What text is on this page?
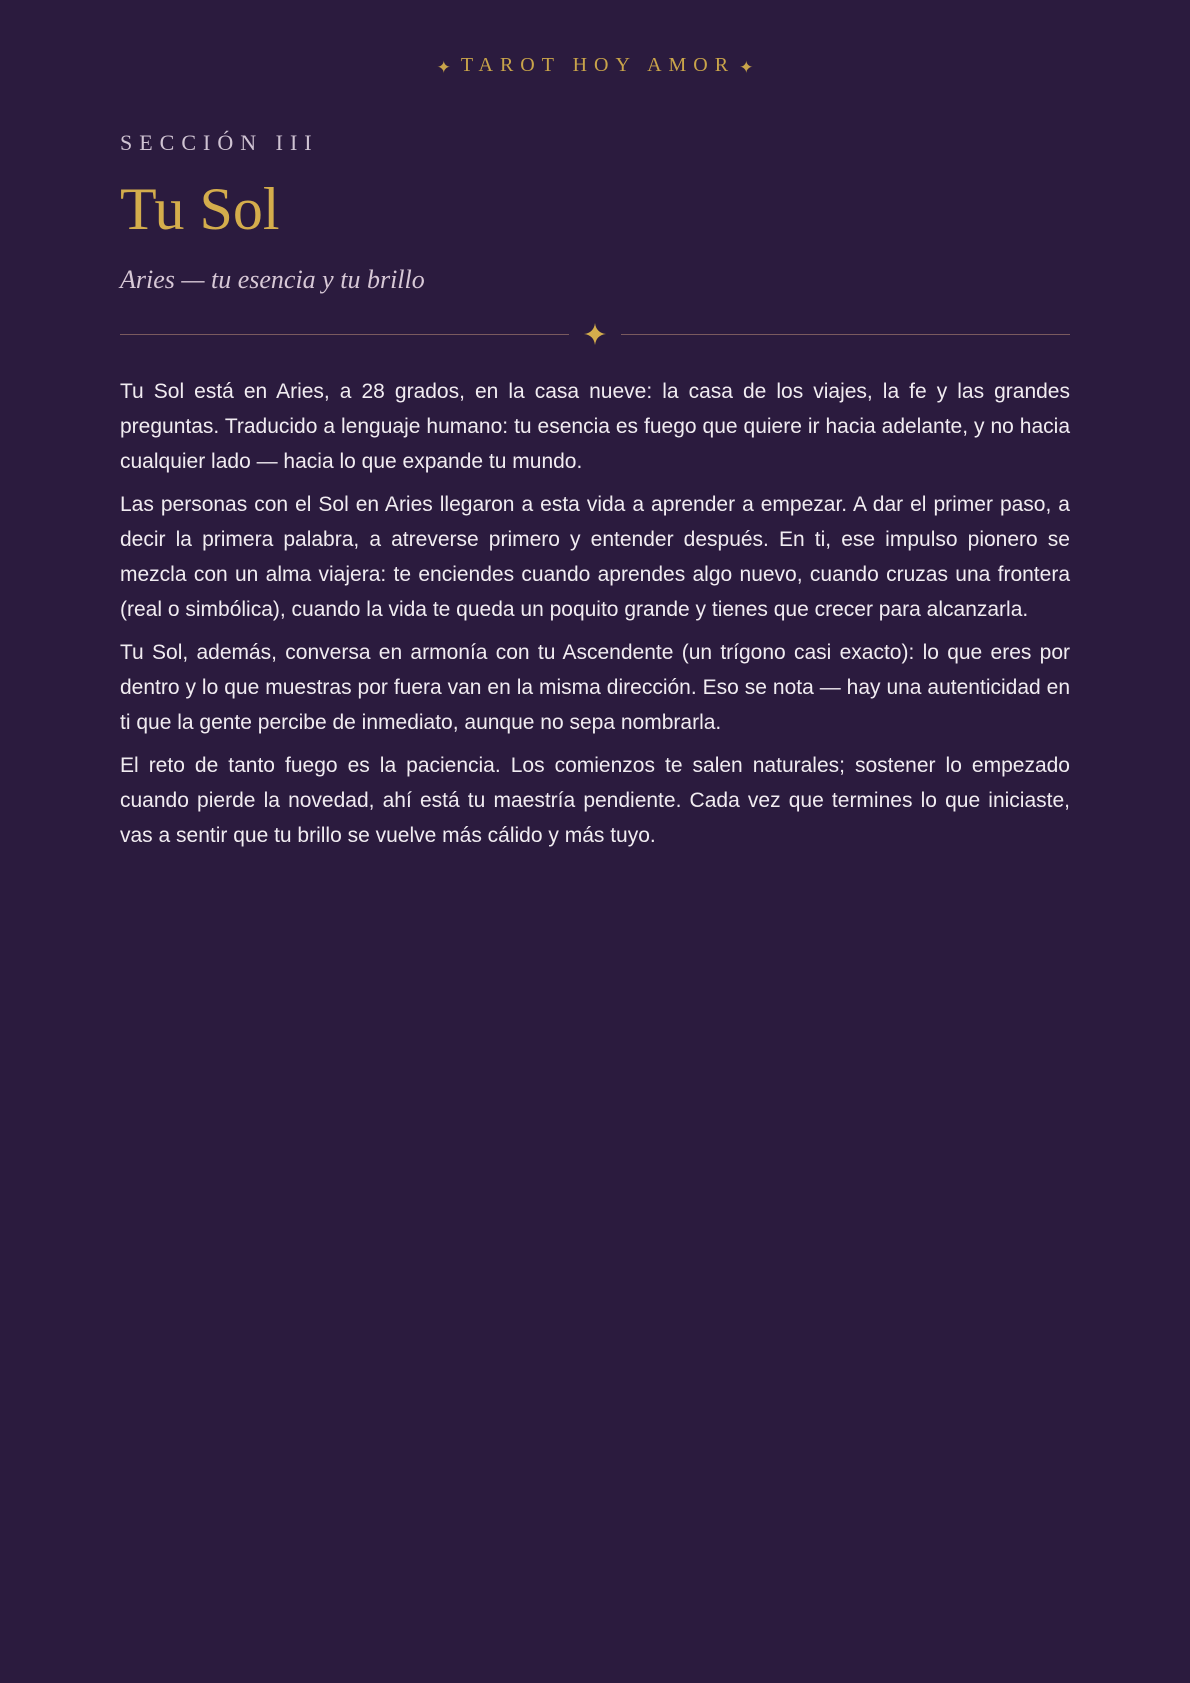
✦ TAROT HOY AMOR ✦
SECCIÓN III
Tu Sol
Aries — tu esencia y tu brillo

Tu Sol está en Aries, a 28 grados, en la casa nueve: la casa de los viajes, la fe y las grandes preguntas. Traducido a lenguaje humano: tu esencia es fuego que quiere ir hacia adelante, y no hacia cualquier lado — hacia lo que expande tu mundo.

Las personas con el Sol en Aries llegaron a esta vida a aprender a empezar. A dar el primer paso, a decir la primera palabra, a atreverse primero y entender después. En ti, ese impulso pionero se mezcla con un alma viajera: te enciendes cuando aprendes algo nuevo, cuando cruzas una frontera (real o simbólica), cuando la vida te queda un poquito grande y tienes que crecer para alcanzarla.

Tu Sol, además, conversa en armonía con tu Ascendente (un trígono casi exacto): lo que eres por dentro y lo que muestras por fuera van en la misma dirección. Eso se nota — hay una autenticidad en ti que la gente percibe de inmediato, aunque no sepa nombrarla.

El reto de tanto fuego es la paciencia. Los comienzos te salen naturales; sostener lo empezado cuando pierde la novedad, ahí está tu maestría pendiente. Cada vez que termines lo que iniciaste, vas a sentir que tu brillo se vuelve más cálido y más tuyo.
